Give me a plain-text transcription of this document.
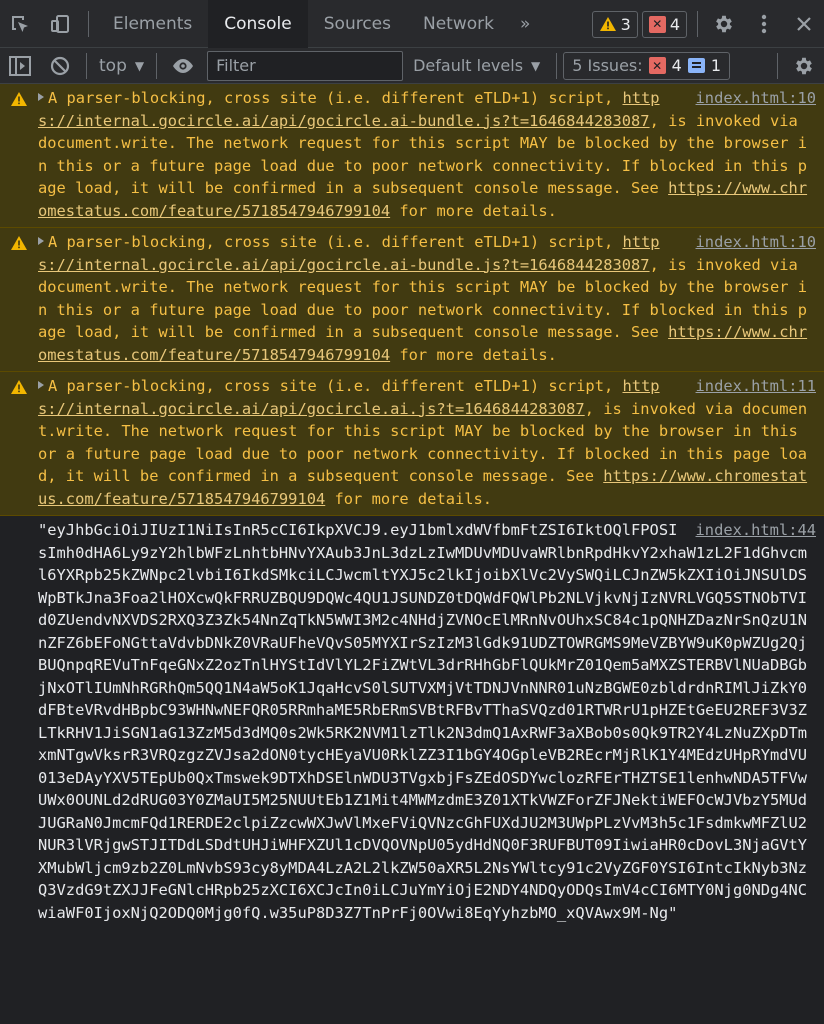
Elements	Console	Sources	Network	»	3 ✕ 4
top ▼
Filter	Default levels ▼ 5 Issues: ✕ 4 1
index.html:10
A parser-blocking, cross site (i.e. different eTLD+1) script, https://internal.gocircle.ai/api/gocircle.ai-bundle.js?t=1646844283087, is invoked via document.write. The network request for this script MAY be blocked by the browser in this or a future page load due to poor network connectivity. If blocked in this page load, it will be confirmed in a subsequent console message. See https://www.chromestatus.com/feature/5718547946799104 for more details.
index.html:10
A parser-blocking, cross site (i.e. different eTLD+1) script, https://internal.gocircle.ai/api/gocircle.ai-bundle.js?t=1646844283087, is invoked via document.write. The network request for this script MAY be blocked by the browser in this or a future page load due to poor network connectivity. If blocked in this page load, it will be confirmed in a subsequent console message. See https://www.chromestatus.com/feature/5718547946799104 for more details.
index.html:11
A parser-blocking, cross site (i.e. different eTLD+1) script, https://internal.gocircle.ai/api/gocircle.ai.js?t=1646844283087, is invoked via document.write. The network request for this script MAY be blocked by the browser in this or a future page load due to poor network connectivity. If blocked in this page load, it will be confirmed in a subsequent console message. See https://www.chromestatus.com/feature/5718547946799104 for more details.
index.html:44
"eyJhbGciOiJIUzI1NiIsInR5cCI6IkpXVCJ9.eyJ1bmlxdWVfbmFtZSI6IktOQlFPOSIsImh0dHA6Ly9zY2hlbWFzLnhtbHNvYXAub3JnL3dzLzIwMDUvMDUvaWRlbnRpdHkvY2xhaW1zL2F1dGhvcml6YXRpb25kZWNpc2lvbiI6IkdSMkciLCJwcmltYXJ5c2lkIjoibXlVc2VySWQiLCJnZW5kZXIiOiJNSUlDSWpBTkJna3Foa2lHOXcwQkFRRUZBQU9DQWc4QU1JSUNDZ0tDQWdFQWlPb2NLVjkvNjIzNVRLVGQ5STNObTVId0ZUendvNXVDS2RXQ3Z3Zk54NnZqTkN5WWI3M2c4NHdjZVNOcElMRnNvOUhxSC84c1pQNHZDazNrSnQzU1NnZFZ6bEFoNGttaVdvbDNkZ0VRaUFheVQvS05MYXIrSzIzM3lGdk91UDZTOWRGMS9MeVZBYW9uK0pWZUg2QjBUQnpqREVuTnFqeGNxZ2ozTnlHYStIdVlYL2FiZWtVL3drRHhGbFlQUkMrZ01Qem5aMXZSTERBVlNUaDBGbjNxOTlIUmNhRGRhQm5QQ1N4aW5oK1JqaHcvS0lSUTVXMjVtTDNJVnNNR01uNzBGWE0zbldrdnRIMlJiZkY0dFBteVRvdHBpbC93WHNwNEFQR05RRmhaME5RbERmSVBtRFBvTThaSVQzd01RTWRrU1pHZEtGeEU2REF3V3ZLTkRHV1JiSGN1aG13ZzM5d3dMQ0s2Wk5RK2NVM1lzTlk2N3dmQ1AxRWF3aXBob0s0Qk9TR2Y4LzNuZXpDTmxmNTgwVksrR3VRQzgzZVJsa2dON0tycHEyaVU0RklZZ3I1bGY4OGpleVB2REcrMjRlK1Y4MEdzUHpRYmdVU013eDAyYXV5TEpUb0QxTmswek9DTXhDSElnWDU3TVgxbjFsZEdOSDYwclozRFErTHZTSE1lenhwNDA5TFVwUWx0OUNLd2dRUG03Y0ZMaUI5M25NUUtEb1Z1Mit4MWMzdmE3Z01XTkVWZForZFJNektiWEFOcWJVbzY5MUdJUGRaN0JmcmFQd1RERDE2clpiZzcwWXJwVlMxeFViQVNzcGhFUXdJU2M3UWpPLzVvM3h5c1FsdmkwMFZlU2NUR3lVRjgwSTJITDdLSDdtUHJiWHFXZUl1cDVQOVNpU05ydHdNQ0F3RUFBUT09IiwiaHR0cDovL3NjaGVtYXMubWljcm9zb2Z0LmNvbS93cy8yMDA4LzA2L2lkZW50aXR5L2NsYWltcy91c2VyZGF0YSI6IntcIkNyb3NzQ3VzdG9tZXJJFeGNlcHRpb25zXCI6XCJcIn0iLCJuYmYiOjE2NDY4NDQyODQsImV4cCI6MTY0Njg0NDg4NCwiaWF0IjoxNjQ2ODQ0Mjg0fQ.w35uP8D3Z7TnPrFj0OVwi8EqYyhzbMO_xQVAwx9M-Ng"
